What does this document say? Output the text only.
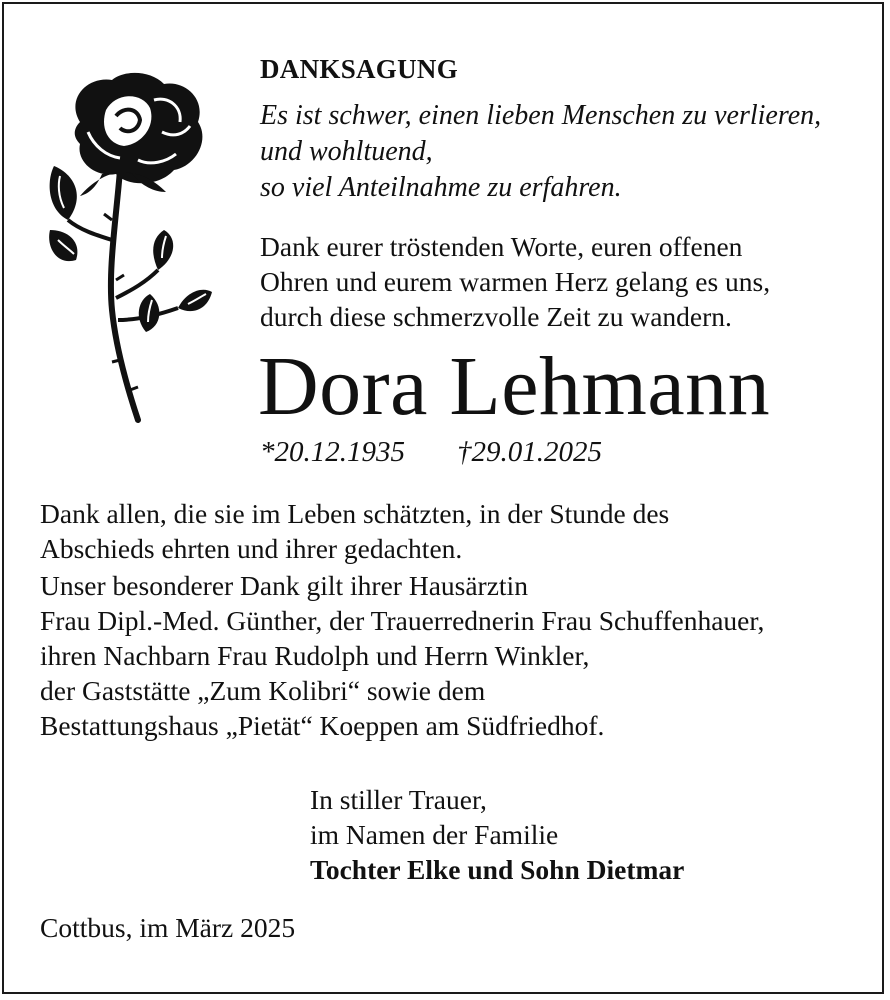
DANKSAGUNG

Es ist schwer, einen lieben Menschen zu verlieren,
und wohltuend,
so viel Anteilnahme zu erfahren.

Dank eurer tröstenden Worte, euren offenen
Ohren und eurem warmen Herz gelang es uns,
durch diese schmerzvolle Zeit zu wandern.

Dora Lehmann
*20.12.1935 †29.01.2025

Dank allen, die sie im Leben schätzten, in der Stunde des
Abschieds ehrten und ihrer gedachten.

Unser besonderer Dank gilt ihrer Hausärztin
Frau Dipl.-Med. Günther, der Trauerrednerin Frau Schuffenhauer,
ihren Nachbarn Frau Rudolph und Herrn Winkler,
der Gaststätte „Zum Kolibri“ sowie dem
Bestattungshaus „Pietät“ Koeppen am Südfriedhof.

In stiller Trauer,
im Namen der Familie
Tochter Elke und Sohn Dietmar

Cottbus, im März 2025
